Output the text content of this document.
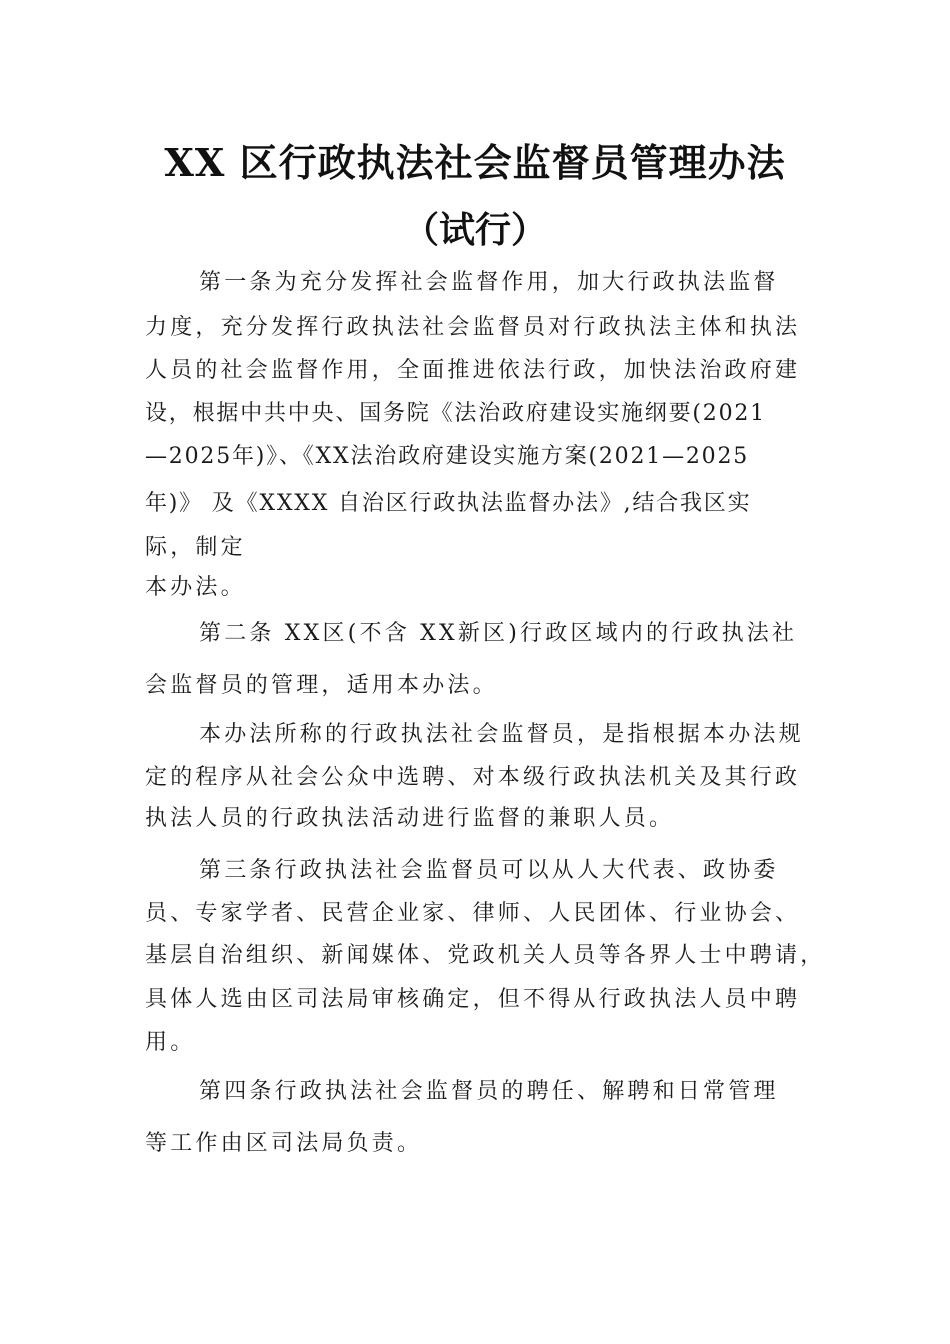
XX 区行政执法社会监督员管理办法
（试行）
第一条为充分发挥社会监督作用，加大行政执法监督
力度，充分发挥行政执法社会监督员对行政执法主体和执法
人员的社会监督作用，全面推进依法行政，加快法治政府建
设，根据中共中央、国务院《法治政府建设实施纲要(2021
—2025年)》、《XX法治政府建设实施方案(2021—2025
年)》 及《XXXX 自治区行政执法监督办法》,结合我区实
际，制定
本办法。
第二条 XX区(不含 XX新区)行政区域内的行政执法社
会监督员的管理，适用本办法。
本办法所称的行政执法社会监督员，是指根据本办法规
定的程序从社会公众中选聘、对本级行政执法机关及其行政
执法人员的行政执法活动进行监督的兼职人员。
第三条行政执法社会监督员可以从人大代表、政协委
员、专家学者、民营企业家、律师、人民团体、行业协会、
基层自治组织、新闻媒体、党政机关人员等各界人士中聘请，
具体人选由区司法局审核确定，但不得从行政执法人员中聘
用。
第四条行政执法社会监督员的聘任、解聘和日常管理
等工作由区司法局负责。
